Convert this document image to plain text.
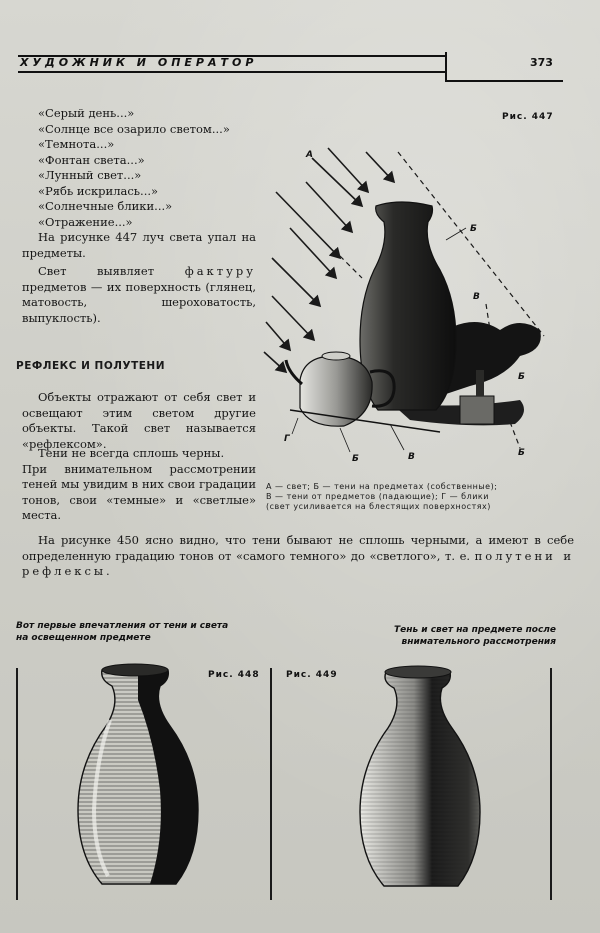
ХУДОЖНИК И ОПЕРАТОР	373
«Серый день...»
«Солнце все озарило светом...»
«Темнота...»
«Фонтан света...»
«Лунный свет...»
«Рябь искрилась...»
«Солнечные блики...»
«Отражение...»
На рисунке 447 луч света упал на предметы.
Свет выявляет фактуру предметов — их поверхность (глянец, матовость, шероховатость, выпуклость).
РЕФЛЕКС И ПОЛУТЕНИ
Объекты отражают от себя свет и освещают этим светом другие объекты. Такой свет называется «рефлексом».
Тени не всегда сплошь черны.
При внимательном рассмотрении теней мы увидим в них свои градации тонов, свои «темные» и «светлые» места.
На рисунке 450 ясно видно, что тени бывают не сплошь черными, а имеют в себе определенную градацию тонов от «самого темного» до «светлого», т. е. полутени и рефлексы.
Рис. 447
А
Б
В
Б
Г
Б	В	Б
А — свет; Б — тени на предметах (собственные);
В — тени от предметов (падающие); Г — блики
(свет усиливается на блестящих поверхностях)
Вот первые впечатления от тени и света на освещенном предмете
Тень и свет на предмете после внимательного рассмотрения
Рис. 448	Рис. 449
